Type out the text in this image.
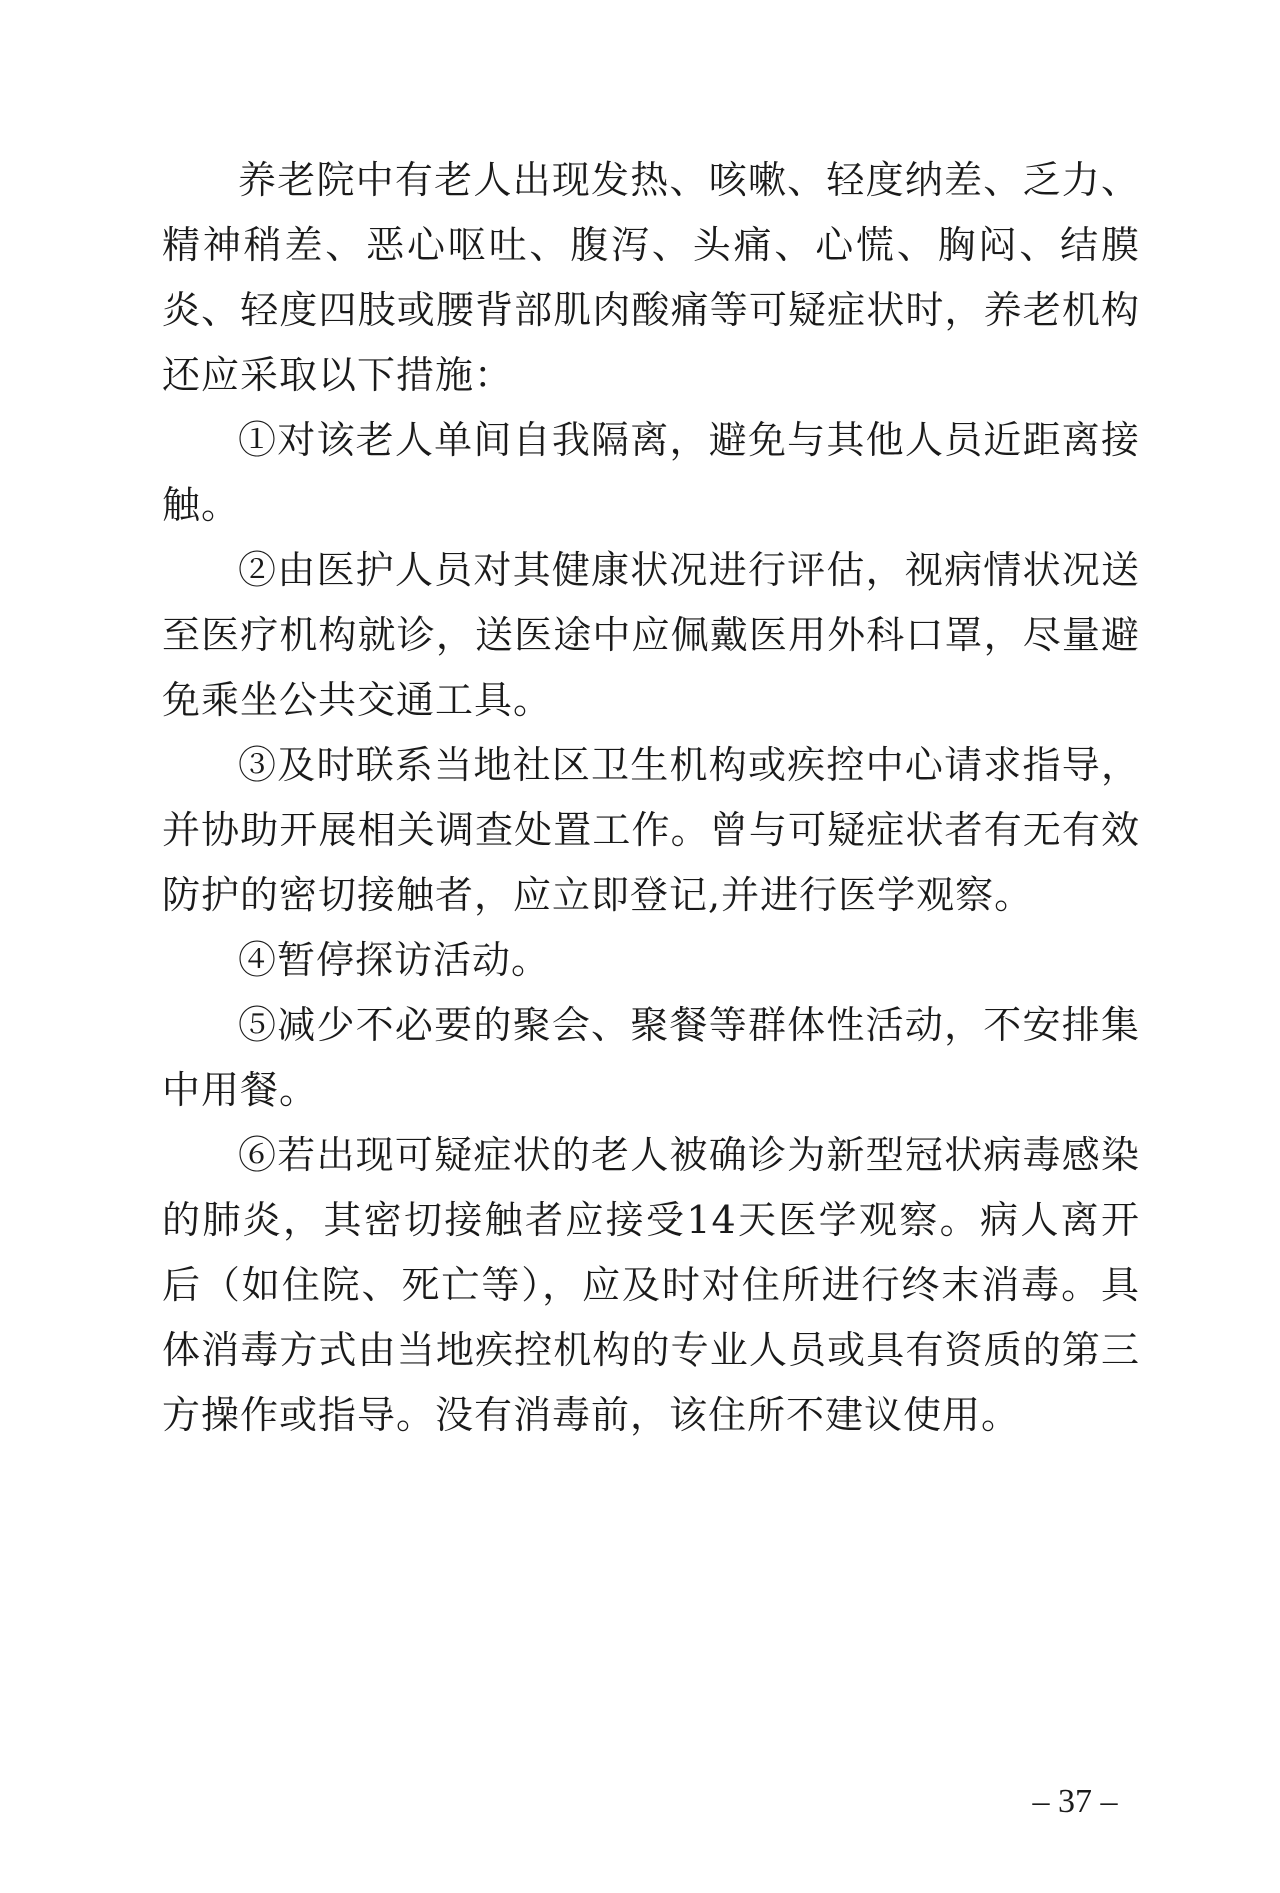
养老院中有老人出现发热、咳嗽、轻度纳差、乏力、精神稍差、恶心呕吐、腹泻、头痛、心慌、胸闷、结膜炎、轻度四肢或腰背部肌肉酸痛等可疑症状时，养老机构还应采取以下措施：

①对该老人单间自我隔离，避免与其他人员近距离接触。

②由医护人员对其健康状况进行评估，视病情状况送至医疗机构就诊，送医途中应佩戴医用外科口罩，尽量避免乘坐公共交通工具。

③及时联系当地社区卫生机构或疾控中心请求指导，并协助开展相关调查处置工作。曾与可疑症状者有无有效防护的密切接触者，应立即登记,并进行医学观察。

④暂停探访活动。

⑤减少不必要的聚会、聚餐等群体性活动，不安排集中用餐。

⑥若出现可疑症状的老人被确诊为新型冠状病毒感染的肺炎，其密切接触者应接受14天医学观察。病人离开后（如住院、死亡等），应及时对住所进行终末消毒。具体消毒方式由当地疾控机构的专业人员或具有资质的第三方操作或指导。没有消毒前，该住所不建议使用。

– 37 –
